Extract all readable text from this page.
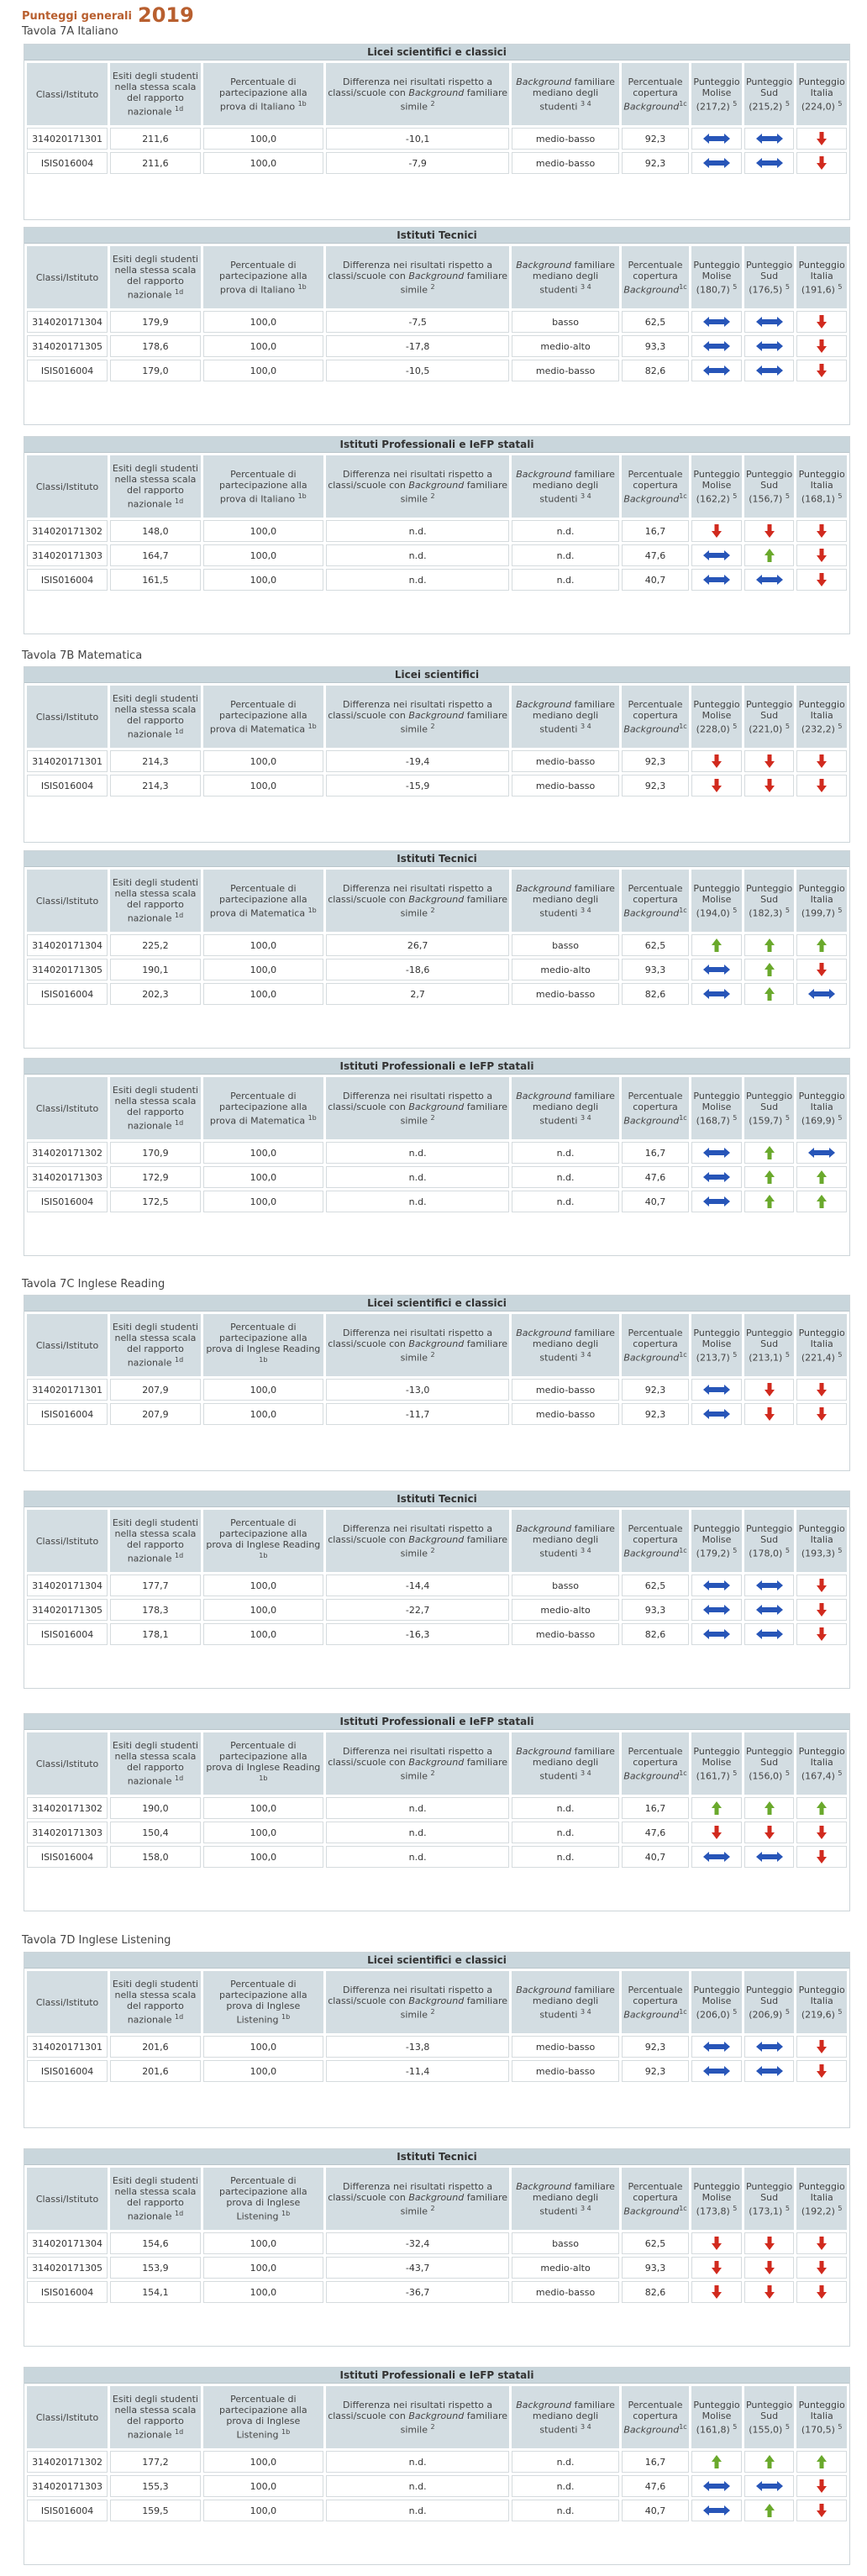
Punteggi generali 2019
Tavola 7A Italiano
Licei scientifici e classici
Classi/Istituto	Esiti degli studenti nella stessa scala del rapporto nazionale $^{1d}$	Percentuale di partecipazione alla prova di Italiano $^{1b}$	Differenza nei risultati rispetto a classi/scuole con Background familiare simile $^2$	Background familiare mediano degli studenti $^{3 4}$	Percentuale copertura Background$^{1c}$	Punteggio Molise (217,2) $^5$	Punteggio Sud (215,2) $^5$	Punteggio Italia (224,0) $^5$
314020171301	211,6	100,0	-10,1	medio-basso	92,3			
ISIS016004	211,6	100,0	-7,9	medio-basso	92,3			
Istituti Tecnici
Classi/Istituto	Esiti degli studenti nella stessa scala del rapporto nazionale $^{1d}$	Percentuale di partecipazione alla prova di Italiano $^{1b}$	Differenza nei risultati rispetto a classi/scuole con Background familiare simile $^2$	Background familiare mediano degli studenti $^{3 4}$	Percentuale copertura Background$^{1c}$	Punteggio Molise (180,7) $^5$	Punteggio Sud (176,5) $^5$	Punteggio Italia (191,6) $^5$
314020171304	179,9	100,0	-7,5	basso	62,5			
314020171305	178,6	100,0	-17,8	medio-alto	93,3			
ISIS016004	179,0	100,0	-10,5	medio-basso	82,6			
Istituti Professionali e IeFP statali
Classi/Istituto	Esiti degli studenti nella stessa scala del rapporto nazionale $^{1d}$	Percentuale di partecipazione alla prova di Italiano $^{1b}$	Differenza nei risultati rispetto a classi/scuole con Background familiare simile $^2$	Background familiare mediano degli studenti $^{3 4}$	Percentuale copertura Background$^{1c}$	Punteggio Molise (162,2) $^5$	Punteggio Sud (156,7) $^5$	Punteggio Italia (168,1) $^5$
314020171302	148,0	100,0	n.d.	n.d.	16,7			
314020171303	164,7	100,0	n.d.	n.d.	47,6			
ISIS016004	161,5	100,0	n.d.	n.d.	40,7			
Tavola 7B Matematica
Licei scientifici
Classi/Istituto	Esiti degli studenti nella stessa scala del rapporto nazionale $^{1d}$	Percentuale di partecipazione alla prova di Matematica $^{1b}$	Differenza nei risultati rispetto a classi/scuole con Background familiare simile $^2$	Background familiare mediano degli studenti $^{3 4}$	Percentuale copertura Background$^{1c}$	Punteggio Molise (228,0) $^5$	Punteggio Sud (221,0) $^5$	Punteggio Italia (232,2) $^5$
314020171301	214,3	100,0	-19,4	medio-basso	92,3			
ISIS016004	214,3	100,0	-15,9	medio-basso	92,3			
Istituti Tecnici
Classi/Istituto	Esiti degli studenti nella stessa scala del rapporto nazionale $^{1d}$	Percentuale di partecipazione alla prova di Matematica $^{1b}$	Differenza nei risultati rispetto a classi/scuole con Background familiare simile $^2$	Background familiare mediano degli studenti $^{3 4}$	Percentuale copertura Background$^{1c}$	Punteggio Molise (194,0) $^5$	Punteggio Sud (182,3) $^5$	Punteggio Italia (199,7) $^5$
314020171304	225,2	100,0	26,7	basso	62,5			
314020171305	190,1	100,0	-18,6	medio-alto	93,3			
ISIS016004	202,3	100,0	2,7	medio-basso	82,6			
Istituti Professionali e IeFP statali
Classi/Istituto	Esiti degli studenti nella stessa scala del rapporto nazionale $^{1d}$	Percentuale di partecipazione alla prova di Matematica $^{1b}$	Differenza nei risultati rispetto a classi/scuole con Background familiare simile $^2$	Background familiare mediano degli studenti $^{3 4}$	Percentuale copertura Background$^{1c}$	Punteggio Molise (168,7) $^5$	Punteggio Sud (159,7) $^5$	Punteggio Italia (169,9) $^5$
314020171302	170,9	100,0	n.d.	n.d.	16,7			
314020171303	172,9	100,0	n.d.	n.d.	47,6			
ISIS016004	172,5	100,0	n.d.	n.d.	40,7			
Tavola 7C Inglese Reading
Licei scientifici e classici
Classi/Istituto	Esiti degli studenti nella stessa scala del rapporto nazionale $^{1d}$	Percentuale di partecipazione alla prova di Inglese Reading $^{1b}$	Differenza nei risultati rispetto a classi/scuole con Background familiare simile $^2$	Background familiare mediano degli studenti $^{3 4}$	Percentuale copertura Background$^{1c}$	Punteggio Molise (213,7) $^5$	Punteggio Sud (213,1) $^5$	Punteggio Italia (221,4) $^5$
314020171301	207,9	100,0	-13,0	medio-basso	92,3			
ISIS016004	207,9	100,0	-11,7	medio-basso	92,3			
Istituti Tecnici
Classi/Istituto	Esiti degli studenti nella stessa scala del rapporto nazionale $^{1d}$	Percentuale di partecipazione alla prova di Inglese Reading $^{1b}$	Differenza nei risultati rispetto a classi/scuole con Background familiare simile $^2$	Background familiare mediano degli studenti $^{3 4}$	Percentuale copertura Background$^{1c}$	Punteggio Molise (179,2) $^5$	Punteggio Sud (178,0) $^5$	Punteggio Italia (193,3) $^5$
314020171304	177,7	100,0	-14,4	basso	62,5			
314020171305	178,3	100,0	-22,7	medio-alto	93,3			
ISIS016004	178,1	100,0	-16,3	medio-basso	82,6			
Istituti Professionali e IeFP statali
Classi/Istituto	Esiti degli studenti nella stessa scala del rapporto nazionale $^{1d}$	Percentuale di partecipazione alla prova di Inglese Reading $^{1b}$	Differenza nei risultati rispetto a classi/scuole con Background familiare simile $^2$	Background familiare mediano degli studenti $^{3 4}$	Percentuale copertura Background$^{1c}$	Punteggio Molise (161,7) $^5$	Punteggio Sud (156,0) $^5$	Punteggio Italia (167,4) $^5$
314020171302	190,0	100,0	n.d.	n.d.	16,7			
314020171303	150,4	100,0	n.d.	n.d.	47,6			
ISIS016004	158,0	100,0	n.d.	n.d.	40,7			
Tavola 7D Inglese Listening
Licei scientifici e classici
Classi/Istituto	Esiti degli studenti nella stessa scala del rapporto nazionale $^{1d}$	Percentuale di partecipazione alla prova di Inglese Listening $^{1b}$	Differenza nei risultati rispetto a classi/scuole con Background familiare simile $^2$	Background familiare mediano degli studenti $^{3 4}$	Percentuale copertura Background$^{1c}$	Punteggio Molise (206,0) $^5$	Punteggio Sud (206,9) $^5$	Punteggio Italia (219,6) $^5$
314020171301	201,6	100,0	-13,8	medio-basso	92,3			
ISIS016004	201,6	100,0	-11,4	medio-basso	92,3			
Istituti Tecnici
Classi/Istituto	Esiti degli studenti nella stessa scala del rapporto nazionale $^{1d}$	Percentuale di partecipazione alla prova di Inglese Listening $^{1b}$	Differenza nei risultati rispetto a classi/scuole con Background familiare simile $^2$	Background familiare mediano degli studenti $^{3 4}$	Percentuale copertura Background$^{1c}$	Punteggio Molise (173,8) $^5$	Punteggio Sud (173,1) $^5$	Punteggio Italia (192,2) $^5$
314020171304	154,6	100,0	-32,4	basso	62,5			
314020171305	153,9	100,0	-43,7	medio-alto	93,3			
ISIS016004	154,1	100,0	-36,7	medio-basso	82,6			
Istituti Professionali e IeFP statali
Classi/Istituto	Esiti degli studenti nella stessa scala del rapporto nazionale $^{1d}$	Percentuale di partecipazione alla prova di Inglese Listening $^{1b}$	Differenza nei risultati rispetto a classi/scuole con Background familiare simile $^2$	Background familiare mediano degli studenti $^{3 4}$	Percentuale copertura Background$^{1c}$	Punteggio Molise (161,8) $^5$	Punteggio Sud (155,0) $^5$	Punteggio Italia (170,5) $^5$
314020171302	177,2	100,0	n.d.	n.d.	16,7			
314020171303	155,3	100,0	n.d.	n.d.	47,6			
ISIS016004	159,5	100,0	n.d.	n.d.	40,7			
